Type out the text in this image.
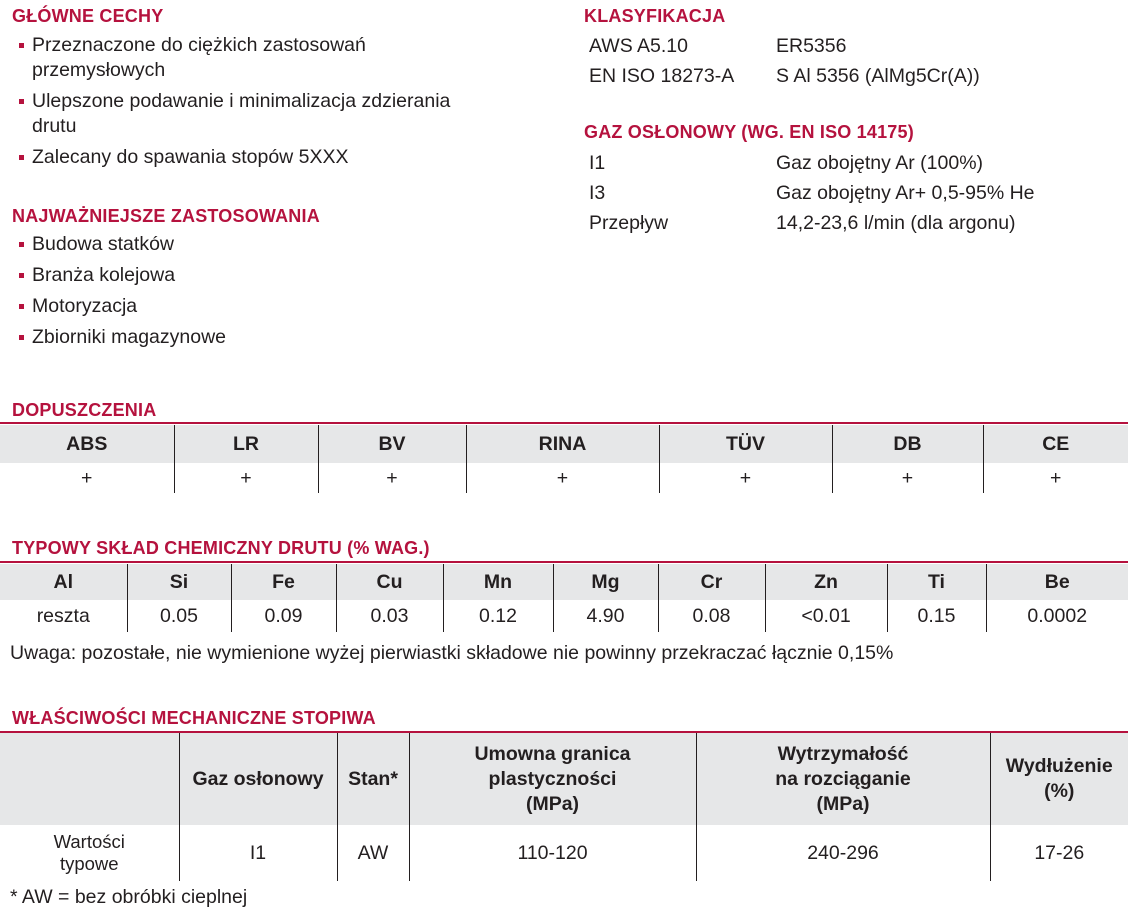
GŁÓWNE CECHY
Przeznaczone do ciężkich zastosowań przemysłowych
Ulepszone podawanie i minimalizacja zdzierania drutu
Zalecany do spawania stopów 5XXX
NAJWAŻNIEJSZE ZASTOSOWANIA
Budowa statków
Branża kolejowa
Motoryzacja
Zbiorniki magazynowe
KLASYFIKACJA
AWS A5.10	ER5356
EN ISO 18273-A	S Al 5356 (AlMg5Cr(A))
GAZ OSŁONOWY (WG. EN ISO 14175)
I1	Gaz obojętny Ar (100%)
I3	Gaz obojętny Ar+ 0,5-95% He
Przepływ	14,2-23,6 l/min (dla argonu)
DOPUSZCZENIA
ABS	LR	BV	RINA	TÜV	DB	CE
+	+	+	+	+	+	+
TYPOWY SKŁAD CHEMICZNY DRUTU (% WAG.)
Al	Si	Fe	Cu	Mn	Mg	Cr	Zn	Ti	Be
reszta	0.05	0.09	0.03	0.12	4.90	0.08	<0.01	0.15	0.0002
Uwaga: pozostałe, nie wymienione wyżej pierwiastki składowe nie powinny przekraczać łącznie 0,15%
WŁAŚCIWOŚCI MECHANICZNE STOPIWA
	Gaz osłonowy	Stan*	Umowna granica plastyczności (MPa)	Wytrzymałość na rozciąganie (MPa)	Wydłużenie (%)
Wartości typowe	I1	AW	110-120	240-296	17-26
* AW = bez obróbki cieplnej
